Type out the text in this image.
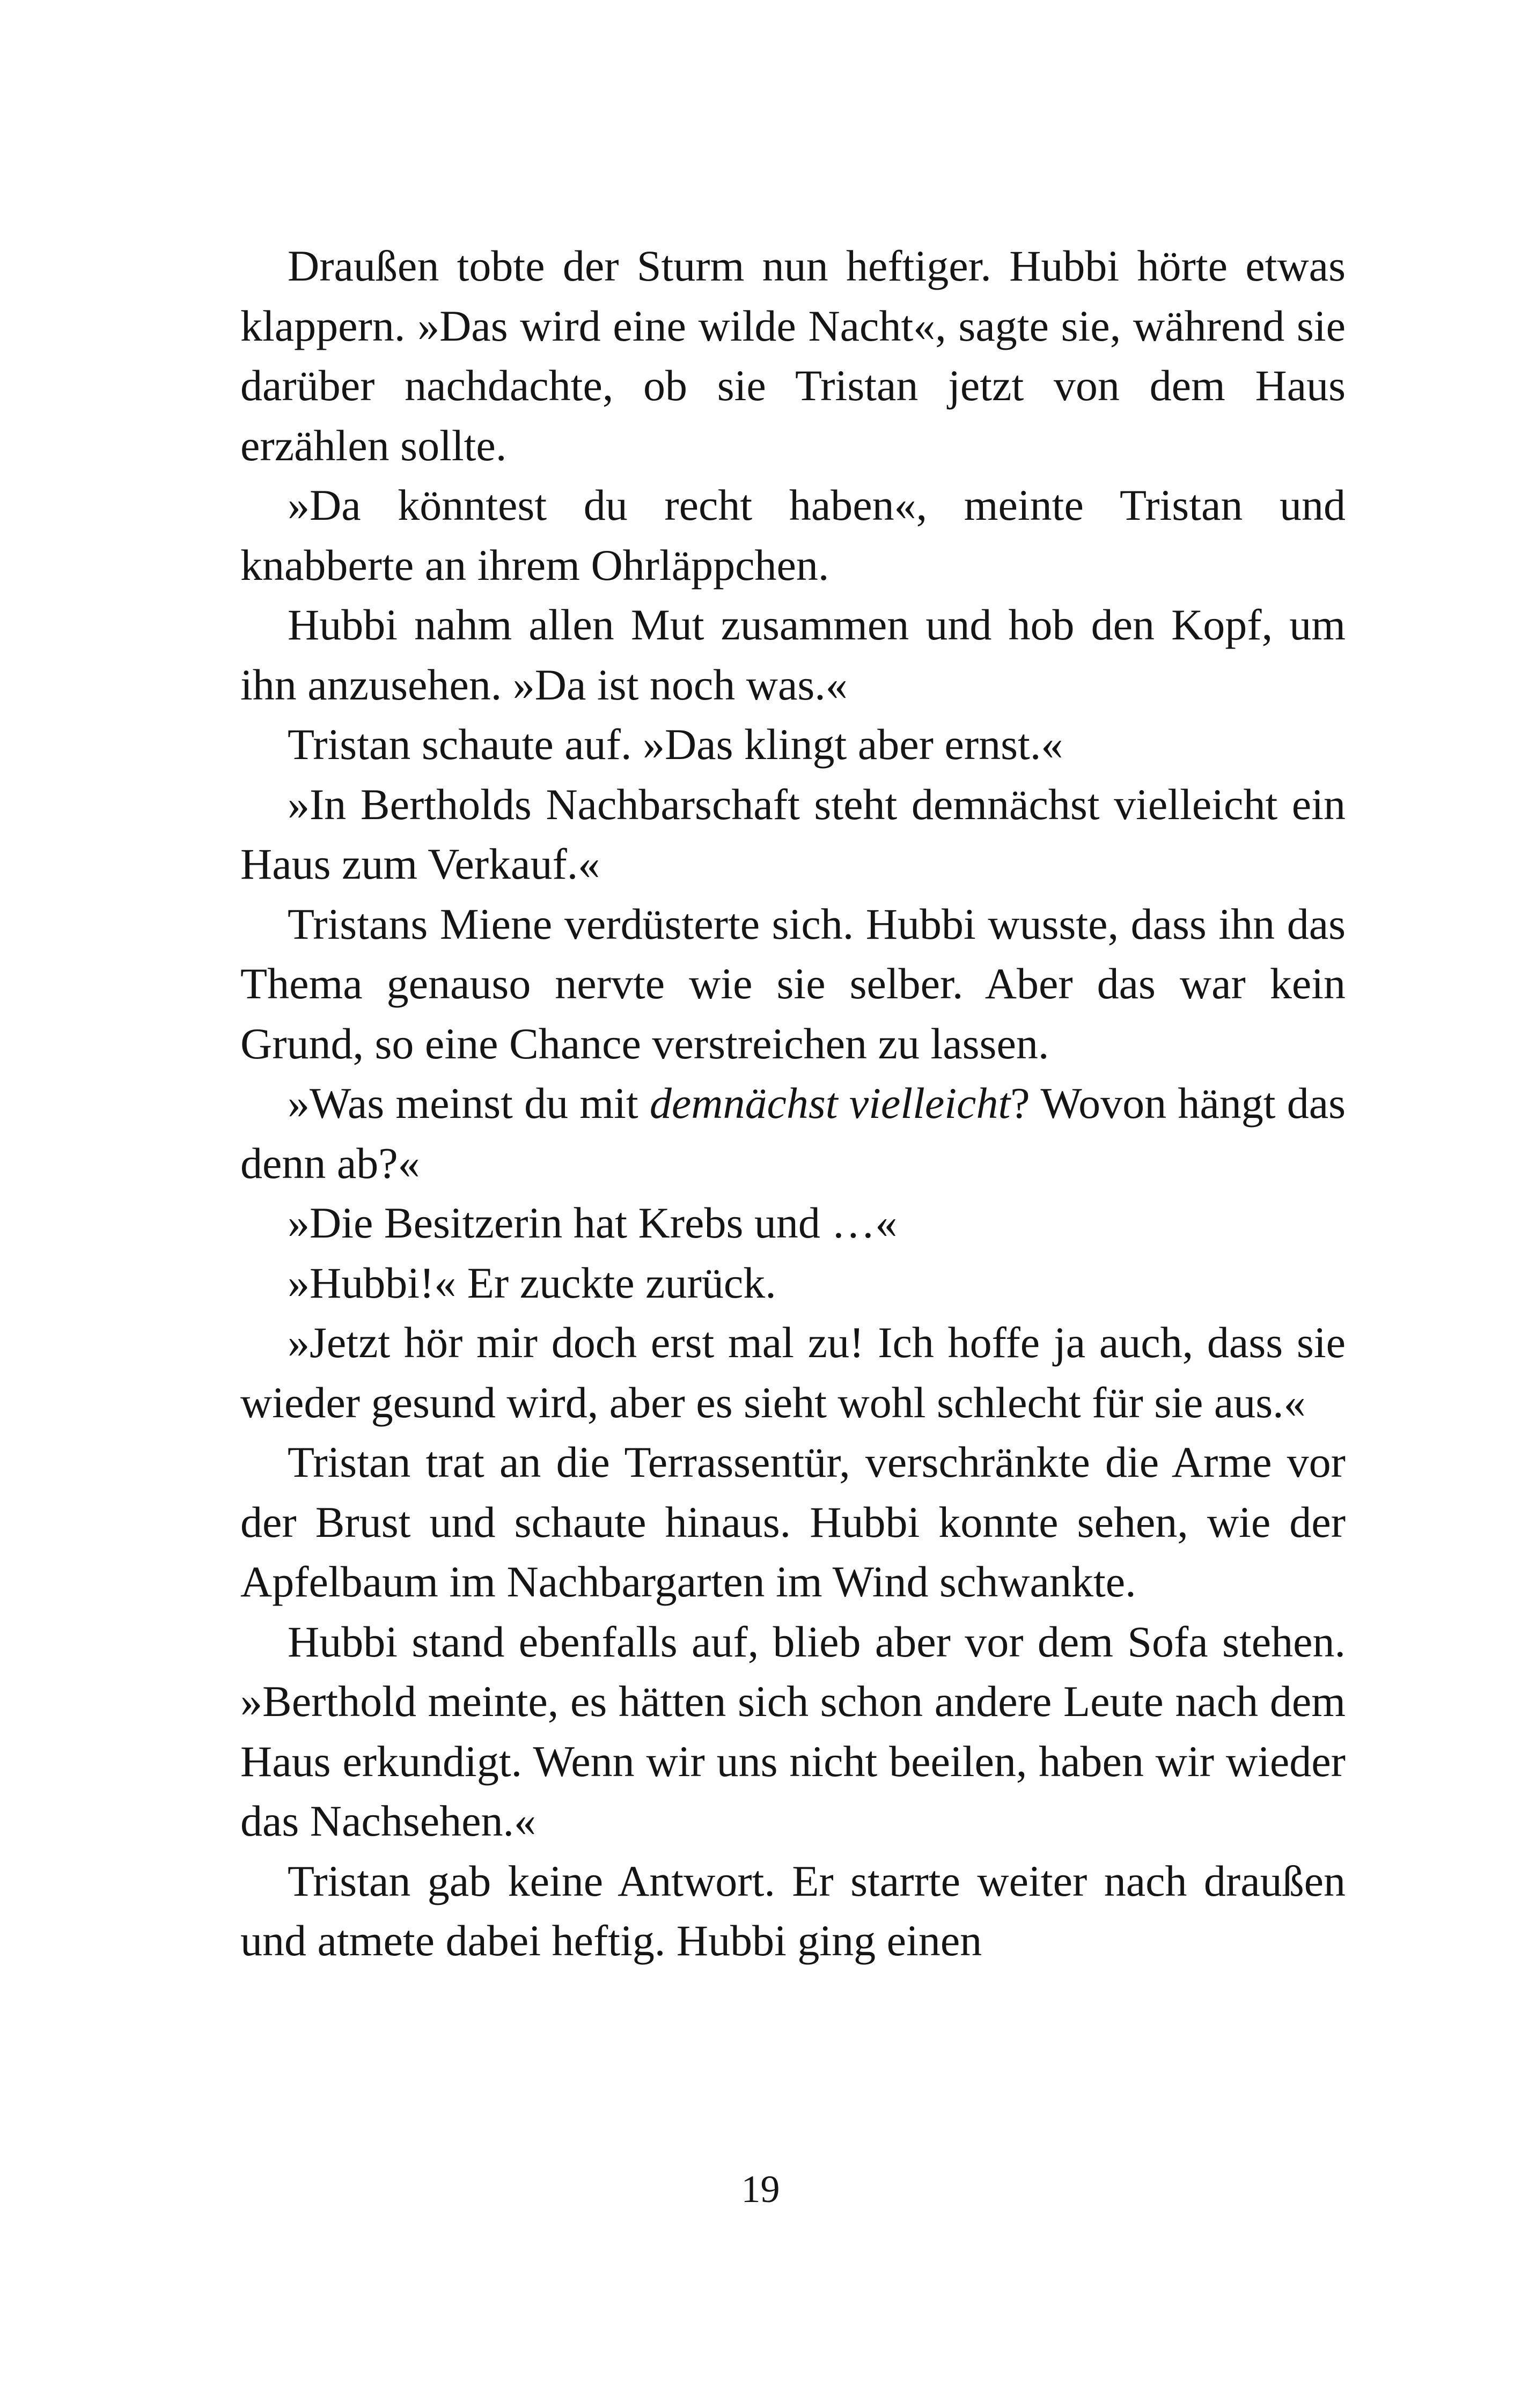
Draußen tobte der Sturm nun heftiger. Hubbi hörte etwas klappern. »Das wird eine wilde Nacht«, sagte sie, während sie darüber nachdachte, ob sie Tristan jetzt von dem Haus erzählen sollte.

»Da könntest du recht haben«, meinte Tristan und knabberte an ihrem Ohrläppchen.

Hubbi nahm allen Mut zusammen und hob den Kopf, um ihn anzusehen. »Da ist noch was.«

Tristan schaute auf. »Das klingt aber ernst.«

»In Bertholds Nachbarschaft steht demnächst vielleicht ein Haus zum Verkauf.«

Tristans Miene verdüsterte sich. Hubbi wusste, dass ihn das Thema genauso nervte wie sie selber. Aber das war kein Grund, so eine Chance verstreichen zu lassen.

»Was meinst du mit demnächst vielleicht? Wovon hängt das denn ab?«

»Die Besitzerin hat Krebs und …«

»Hubbi!« Er zuckte zurück.

»Jetzt hör mir doch erst mal zu! Ich hoffe ja auch, dass sie wieder gesund wird, aber es sieht wohl schlecht für sie aus.«

Tristan trat an die Terrassentür, verschränkte die Arme vor der Brust und schaute hinaus. Hubbi konnte sehen, wie der Apfelbaum im Nachbargarten im Wind schwankte.

Hubbi stand ebenfalls auf, blieb aber vor dem Sofa stehen. »Berthold meinte, es hätten sich schon andere Leute nach dem Haus erkundigt. Wenn wir uns nicht beeilen, haben wir wieder das Nachsehen.«

Tristan gab keine Antwort. Er starrte weiter nach draußen und atmete dabei heftig. Hubbi ging einen

19
